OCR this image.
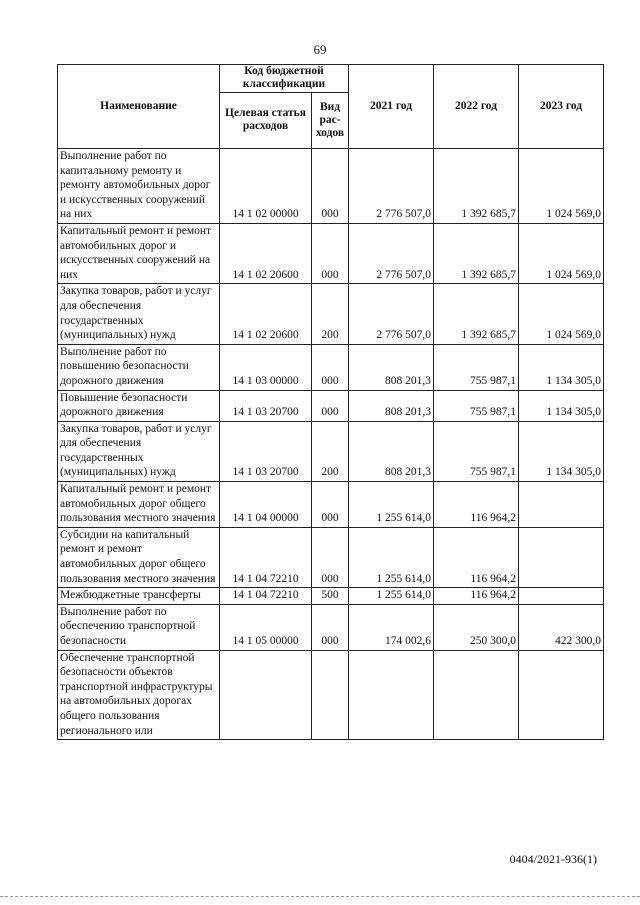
69
Наименование	Код бюджетной классификации		2021 год	2022 год	2023 год
	Целевая статья расходов	Вид
рас-
ходов			
Выполнение работ по капитальному ремонту и ремонту автомобильных дорог и искусственных сооружений на них	14 1 02 00000	000	2 776 507,0	1 392 685,7	1 024 569,0
Капитальный ремонт и ремонт автомобильных дорог и искусственных сооружений на них	14 1 02 20600	000	2 776 507,0	1 392 685,7	1 024 569,0
Закупка товаров, работ и услуг для обеспечения государственных (муниципальных) нужд	14 1 02 20600	200	2 776 507,0	1 392 685,7	1 024 569,0
Выполнение работ по повышению безопасности дорожного движения	14 1 03 00000	000	808 201,3	755 987,1	1 134 305,0
Повышение безопасности дорожного движения	14 1 03 20700	000	808 201,3	755 987,1	1 134 305,0
Закупка товаров, работ и услуг для обеспечения государственных (муниципальных) нужд	14 1 03 20700	200	808 201,3	755 987,1	1 134 305,0
Капитальный ремонт и ремонт автомобильных дорог общего пользования местного значения	14 1 04 00000	000	1 255 614,0	116 964,2	
Субсидии на капитальный ремонт и ремонт автомобильных дорог общего пользования местного значения	14 1 04 72210	000	1 255 614,0	116 964,2	
Межбюджетные трансферты	14 1 04 72210	500	1 255 614,0	116 964,2	
Выполнение работ по обеспечению транспортной безопасности	14 1 05 00000	000	174 002,6	250 300,0	422 300,0
Обеспечение транспортной безопасности объектов транспортной инфраструктуры на автомобильных дорогах общего пользования регионального или					
0404/2021-936(1)
